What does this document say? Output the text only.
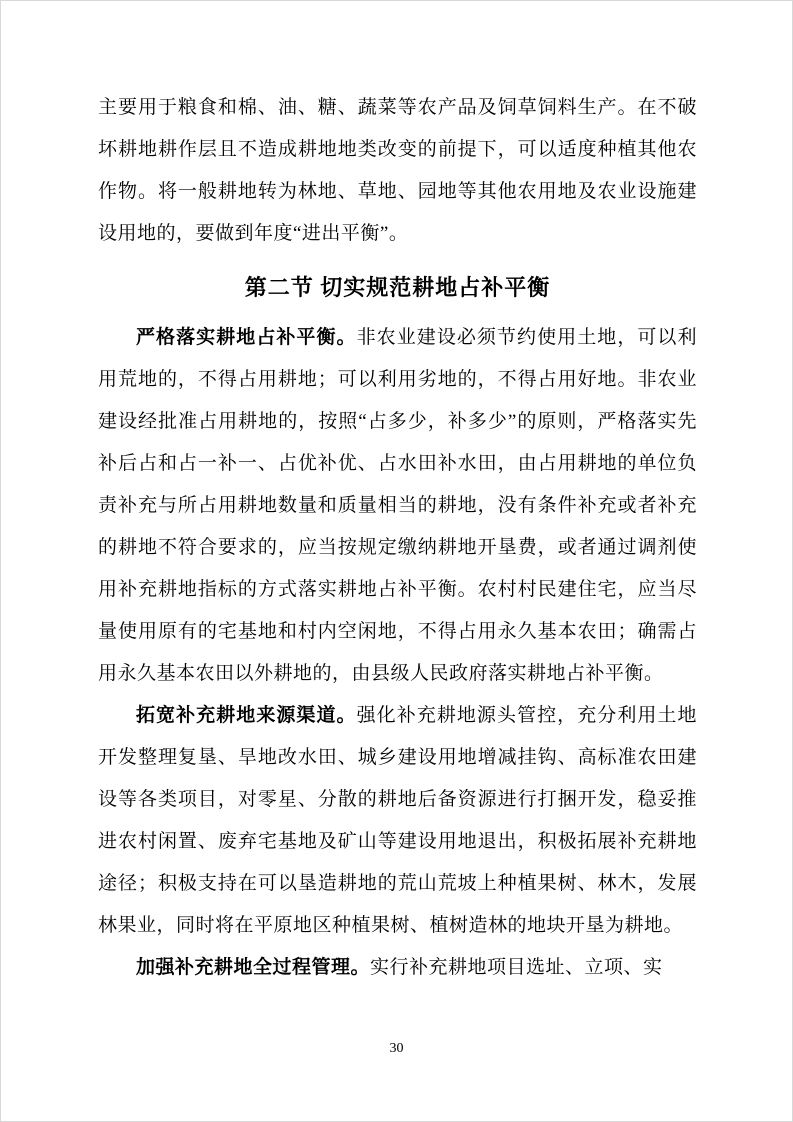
主要用于粮食和棉、油、糖、蔬菜等农产品及饲草饲料生产。在不破坏耕地耕作层且不造成耕地地类改变的前提下，可以适度种植其他农作物。将一般耕地转为林地、草地、园地等其他农用地及农业设施建设用地的，要做到年度“进出平衡”。

第二节 切实规范耕地占补平衡

严格落实耕地占补平衡。非农业建设必须节约使用土地，可以利用荒地的，不得占用耕地；可以利用劣地的，不得占用好地。非农业建设经批准占用耕地的，按照“占多少，补多少”的原则，严格落实先补后占和占一补一、占优补优、占水田补水田，由占用耕地的单位负责补充与所占用耕地数量和质量相当的耕地，没有条件补充或者补充的耕地不符合要求的，应当按规定缴纳耕地开垦费，或者通过调剂使用补充耕地指标的方式落实耕地占补平衡。农村村民建住宅，应当尽量使用原有的宅基地和村内空闲地，不得占用永久基本农田；确需占用永久基本农田以外耕地的，由县级人民政府落实耕地占补平衡。

拓宽补充耕地来源渠道。强化补充耕地源头管控，充分利用土地开发整理复垦、旱地改水田、城乡建设用地增减挂钩、高标准农田建设等各类项目，对零星、分散的耕地后备资源进行打捆开发，稳妥推进农村闲置、废弃宅基地及矿山等建设用地退出，积极拓展补充耕地途径；积极支持在可以垦造耕地的荒山荒坡上种植果树、林木，发展林果业，同时将在平原地区种植果树、植树造林的地块开垦为耕地。

加强补充耕地全过程管理。实行补充耕地项目选址、立项、实

30
